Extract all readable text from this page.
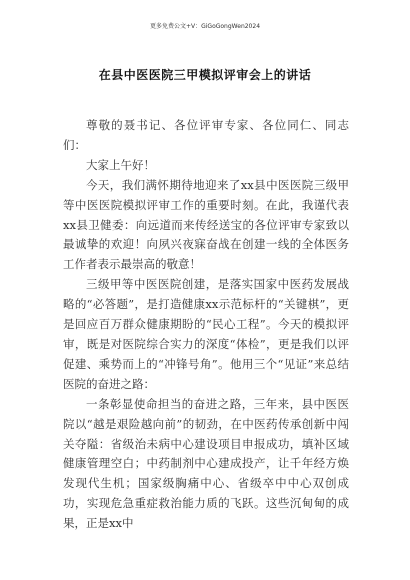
更多免费公文+V：GiGoGongWen2024
在县中医医院三甲模拟评审会上的讲话

尊敬的聂书记、各位评审专家、各位同仁、同志们：

大家上午好！

今天，我们满怀期待地迎来了xx县中医医院三级甲等中医医院模拟评审工作的重要时刻。在此，我谨代表xx县卫健委：向远道而来传经送宝的各位评审专家致以最诚挚的欢迎！向夙兴夜寐奋战在创建一线的全体医务工作者表示最崇高的敬意！

三级甲等中医医院创建，是落实国家中医药发展战略的“必答题”，是打造健康xx示范标杆的“关键棋”，更是回应百万群众健康期盼的“民心工程”。今天的模拟评审，既是对医院综合实力的深度“体检”，更是我们以评促建、乘势而上的“冲锋号角”。他用三个“见证”来总结医院的奋进之路：

一条彰显使命担当的奋进之路，三年来，县中医医院以“越是艰险越向前”的韧劲，在中医药传承创新中闯关夺隘：省级治未病中心建设项目申报成功，填补区域健康管理空白；中药制剂中心建成投产，让千年经方焕发现代生机；国家级胸痛中心、省级卒中中心双创成功，实现危急重症救治能力质的飞跃。这些沉甸甸的成果，正是xx中
